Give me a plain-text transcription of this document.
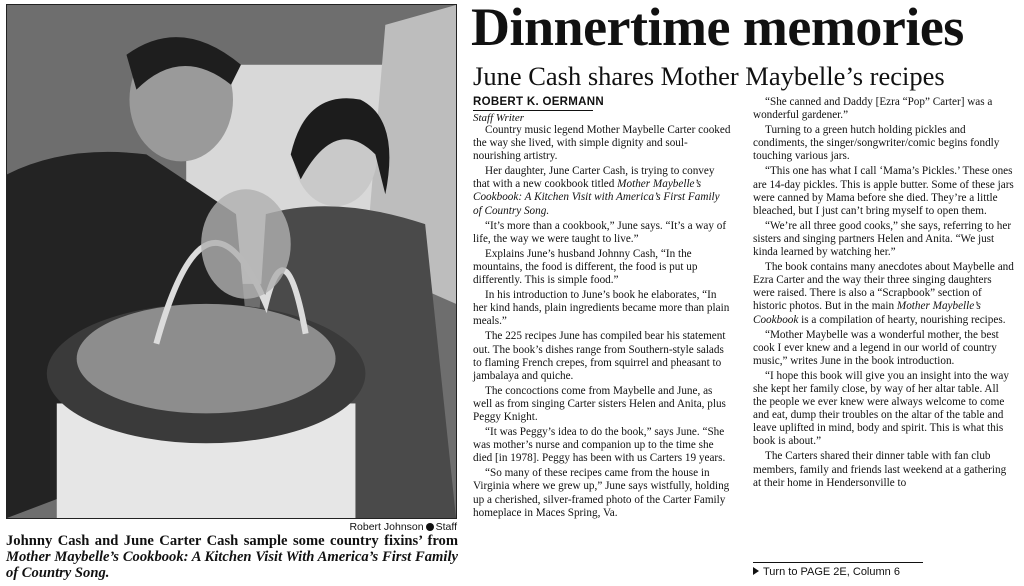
Robert Johnson Staff
Johnny Cash and June Carter Cash sample some country fixins’ from Mother Maybelle’s Cookbook: A Kitchen Visit With America’s First Family of Country Song.
Dinnertime memories
June Cash shares Mother Maybelle’s recipes
ROBERT K. OERMANN
Staff Writer

Country music legend Mother Maybelle Carter cooked the way she lived, with simple dignity and soul-nourishing artistry.

Her daughter, June Carter Cash, is trying to convey that with a new cookbook titled Mother Maybelle’s Cookbook: A Kitchen Visit with America’s First Family of Country Song.

“It’s more than a cookbook,” June says. “It’s a way of life, the way we were taught to live.”

Explains June’s husband Johnny Cash, “In the mountains, the food is different, the food is put up differently. This is simple food.”

In his introduction to June’s book he elaborates, “In her kind hands, plain ingredients became more than plain meals.”

The 225 recipes June has compiled bear his statement out. The book’s dishes range from Southern-style salads to flaming French crepes, from squirrel and pheasant to jambalaya and quiche.

The concoctions come from Maybelle and June, as well as from singing Carter sisters Helen and Anita, plus Peggy Knight.

“It was Peggy’s idea to do the book,” says June. “She was mother’s nurse and companion up to the time she died [in 1978]. Peggy has been with us Carters 19 years.

“So many of these recipes came from the house in Virginia where we grew up,” June says wistfully, holding up a cherished, silver-framed photo of the Carter Family homeplace in Maces Spring, Va.

“She canned and Daddy [Ezra “Pop” Carter] was a wonderful gardener.”

Turning to a green hutch holding pickles and condiments, the singer/songwriter/comic begins fondly touching various jars.

“This one has what I call ‘Mama’s Pickles.’ These ones are 14-day pickles. This is apple butter. Some of these jars were canned by Mama before she died. They’re a little bleached, but I just can’t bring myself to open them.

“We’re all three good cooks,” she says, referring to her sisters and singing partners Helen and Anita. “We just kinda learned by watching her.”

The book contains many anecdotes about Maybelle and Ezra Carter and the way their three singing daughters were raised. There is also a “Scrapbook” section of historic photos. But in the main Mother Maybelle’s Cookbook is a compilation of hearty, nourishing recipes.

“Mother Maybelle was a wonderful mother, the best cook I ever knew and a legend in our world of country music,” writes June in the book introduction.

“I hope this book will give you an insight into the way she kept her family close, by way of her altar table. All the people we ever knew were always welcome to come and eat, dump their troubles on the altar of the table and leave uplifted in mind, body and spirit. This is what this book is about.”

The Carters shared their dinner table with fan club members, family and friends last weekend at a gathering at their home in Hendersonville to

Turn to PAGE 2E, Column 6
